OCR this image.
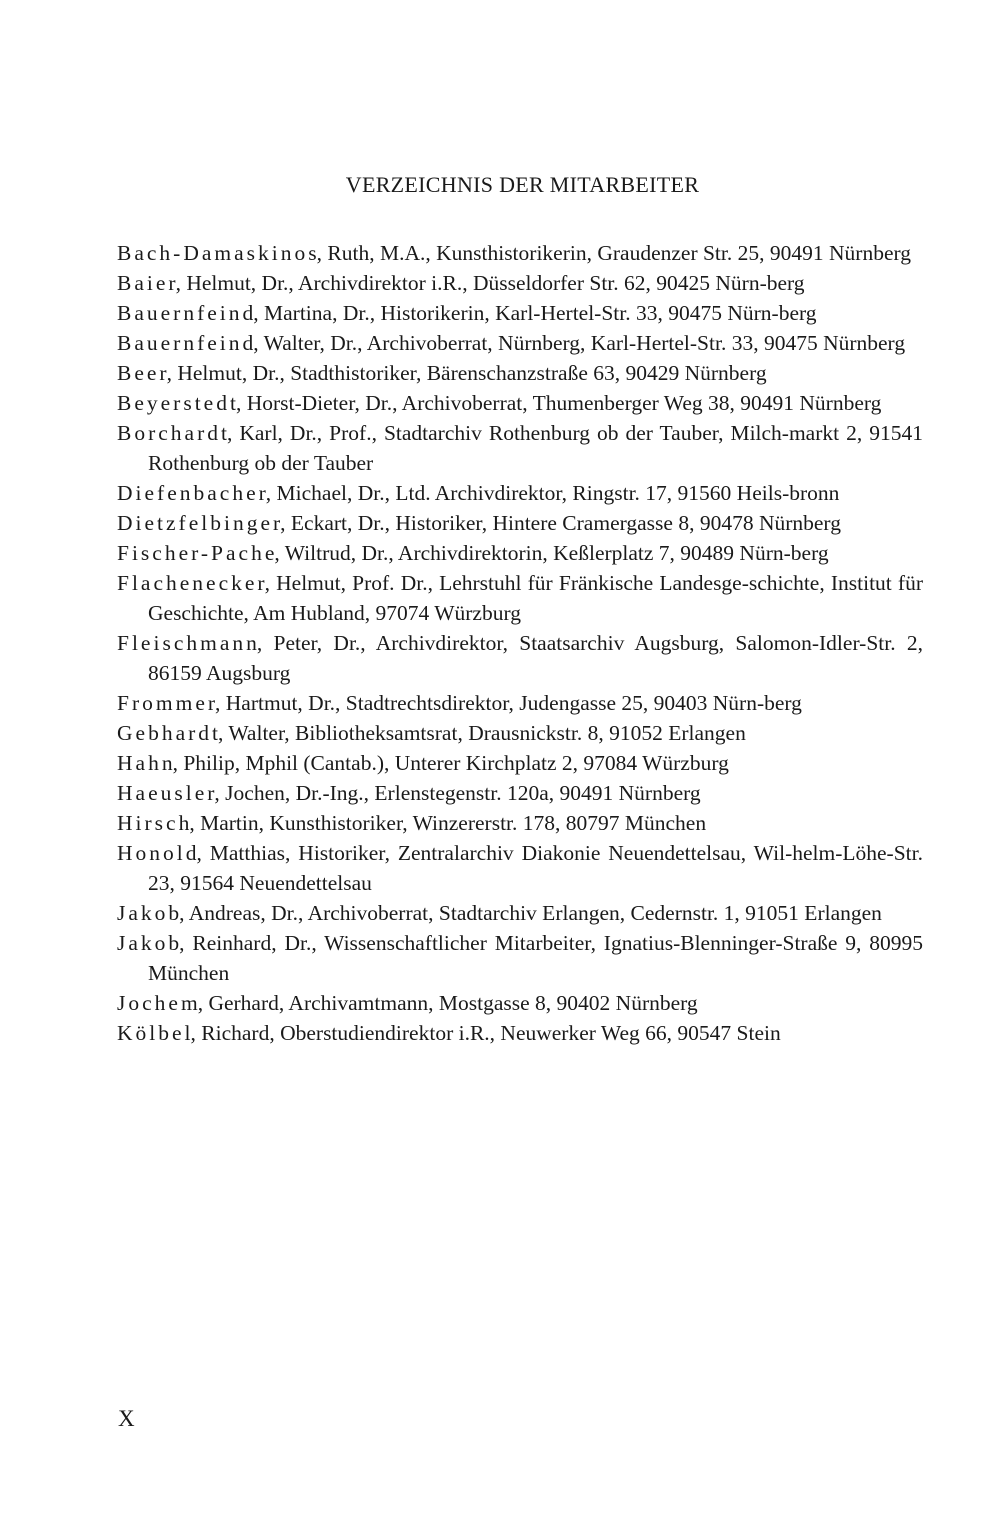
VERZEICHNIS DER MITARBEITER

Bach-Damaskinos, Ruth, M.A., Kunsthistorikerin, Graudenzer Str. 25, 90491 Nürnberg

Baier, Helmut, Dr., Archivdirektor i.R., Düsseldorfer Str. 62, 90425 Nürn-berg

Bauernfeind, Martina, Dr., Historikerin, Karl-Hertel-Str. 33, 90475 Nürn-berg

Bauernfeind, Walter, Dr., Archivoberrat, Nürnberg, Karl-Hertel-Str. 33, 90475 Nürnberg

Beer, Helmut, Dr., Stadthistoriker, Bärenschanzstraße 63, 90429 Nürnberg

Beyerstedt, Horst-Dieter, Dr., Archivoberrat, Thumenberger Weg 38, 90491 Nürnberg

Borchardt, Karl, Dr., Prof., Stadtarchiv Rothenburg ob der Tauber, Milch-markt 2, 91541 Rothenburg ob der Tauber

Diefenbacher, Michael, Dr., Ltd. Archivdirektor, Ringstr. 17, 91560 Heils-bronn

Dietzfelbinger, Eckart, Dr., Historiker, Hintere Cramergasse 8, 90478 Nürnberg

Fischer-Pache, Wiltrud, Dr., Archivdirektorin, Keßlerplatz 7, 90489 Nürn-berg

Flachenecker, Helmut, Prof. Dr., Lehrstuhl für Fränkische Landesge-schichte, Institut für Geschichte, Am Hubland, 97074 Würzburg

Fleischmann, Peter, Dr., Archivdirektor, Staatsarchiv Augsburg, Salomon-Idler-Str. 2, 86159 Augsburg

Frommer, Hartmut, Dr., Stadtrechtsdirektor, Judengasse 25, 90403 Nürn-berg

Gebhardt, Walter, Bibliotheksamtsrat, Drausnickstr. 8, 91052 Erlangen

Hahn, Philip, Mphil (Cantab.), Unterer Kirchplatz 2, 97084 Würzburg

Haeusler, Jochen, Dr.-Ing., Erlenstegenstr. 120a, 90491 Nürnberg

Hirsch, Martin, Kunsthistoriker, Winzererstr. 178, 80797 München

Honold, Matthias, Historiker, Zentralarchiv Diakonie Neuendettelsau, Wil-helm-Löhe-Str. 23, 91564 Neuendettelsau

Jakob, Andreas, Dr., Archivoberrat, Stadtarchiv Erlangen, Cedernstr. 1, 91051 Erlangen

Jakob, Reinhard, Dr., Wissenschaftlicher Mitarbeiter, Ignatius-Blenninger-Straße 9, 80995 München

Jochem, Gerhard, Archivamtmann, Mostgasse 8, 90402 Nürnberg

Kölbel, Richard, Oberstudiendirektor i.R., Neuwerker Weg 66, 90547 Stein

X
